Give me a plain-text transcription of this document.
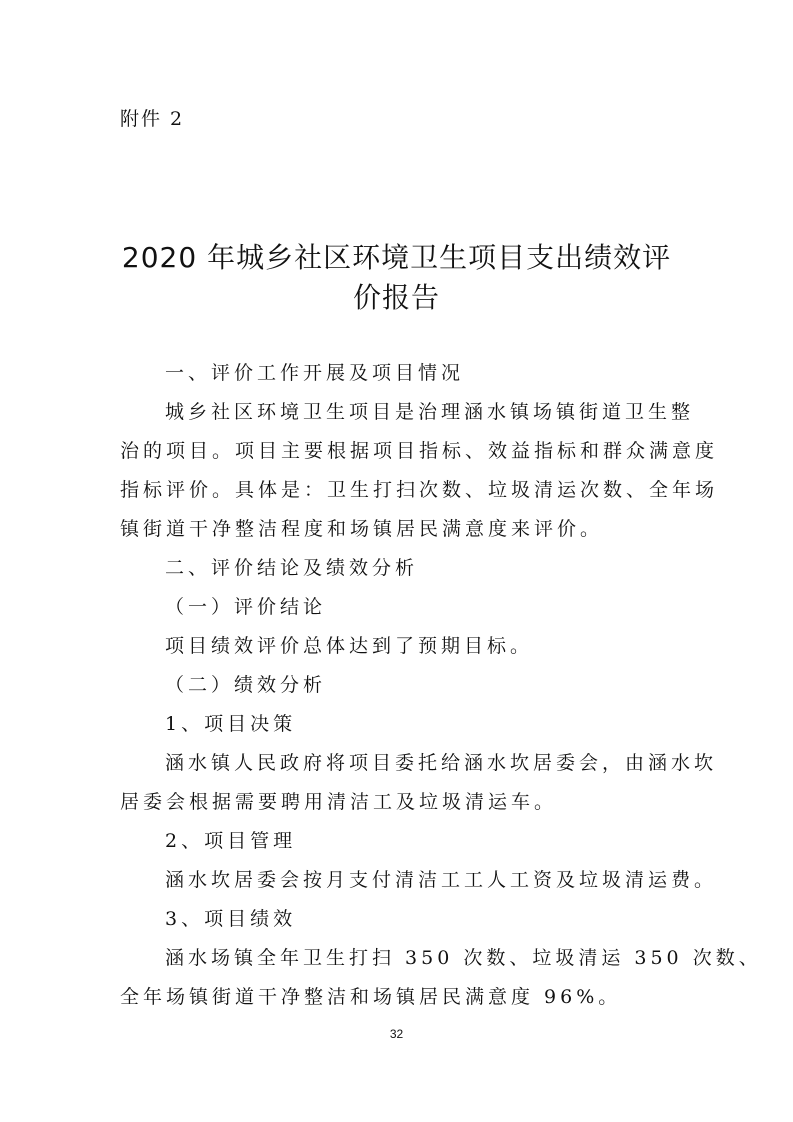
附件 2
2020 年城乡社区环境卫生项目支出绩效评
价报告
一、评价工作开展及项目情况
城乡社区环境卫生项目是治理涵水镇场镇街道卫生整
治的项目。项目主要根据项目指标、效益指标和群众满意度
指标评价。具体是：卫生打扫次数、垃圾清运次数、全年场
镇街道干净整洁程度和场镇居民满意度来评价。
二、评价结论及绩效分析
（一）评价结论
项目绩效评价总体达到了预期目标。
（二）绩效分析
1、项目决策
涵水镇人民政府将项目委托给涵水坎居委会，由涵水坎
居委会根据需要聘用清洁工及垃圾清运车。
2、项目管理
涵水坎居委会按月支付清洁工工人工资及垃圾清运费。
3、项目绩效
涵水场镇全年卫生打扫 350 次数、垃圾清运 350 次数、
全年场镇街道干净整洁和场镇居民满意度 96%。
32
